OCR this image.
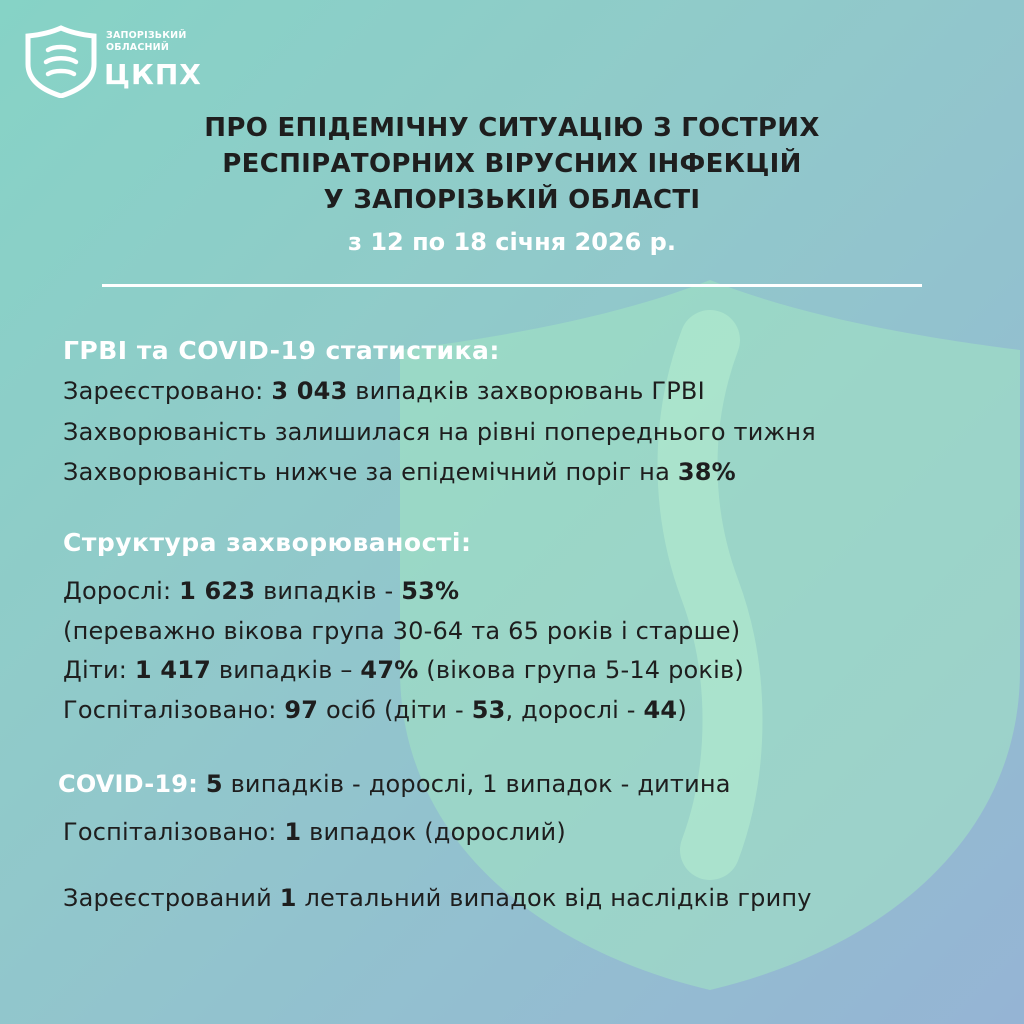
ЗАПОРІЗЬКИЙ
ОБЛАСНИЙ
ЦКПХ
ПРО ЕПІДЕМІЧНУ СИТУАЦІЮ З ГОСТРИХ
РЕСПІРАТОРНИХ ВІРУСНИХ ІНФЕКЦІЙ
У ЗАПОРІЗЬКІЙ ОБЛАСТІ
з 12 по 18 січня 2026 р.
ГРВІ та COVID-19 статистика:
Зареєстровано: 3 043 випадків захворювань ГРВІ
Захворюваність залишилася на рівні попереднього тижня
Захворюваність нижче за епідемічний поріг на 38%
Структура захворюваності:
Дорослі: 1 623 випадків - 53%
(переважно вікова група 30-64 та 65 років і старше)
Діти: 1 417 випадків – 47% (вікова група 5-14 років)
Госпіталізовано: 97 осіб (діти - 53, дорослі - 44)
COVID-19: 5 випадків - дорослі, 1 випадок - дитина
Госпіталізовано: 1 випадок (дорослий)
Зареєстрований 1 летальний випадок від наслідків грипу
